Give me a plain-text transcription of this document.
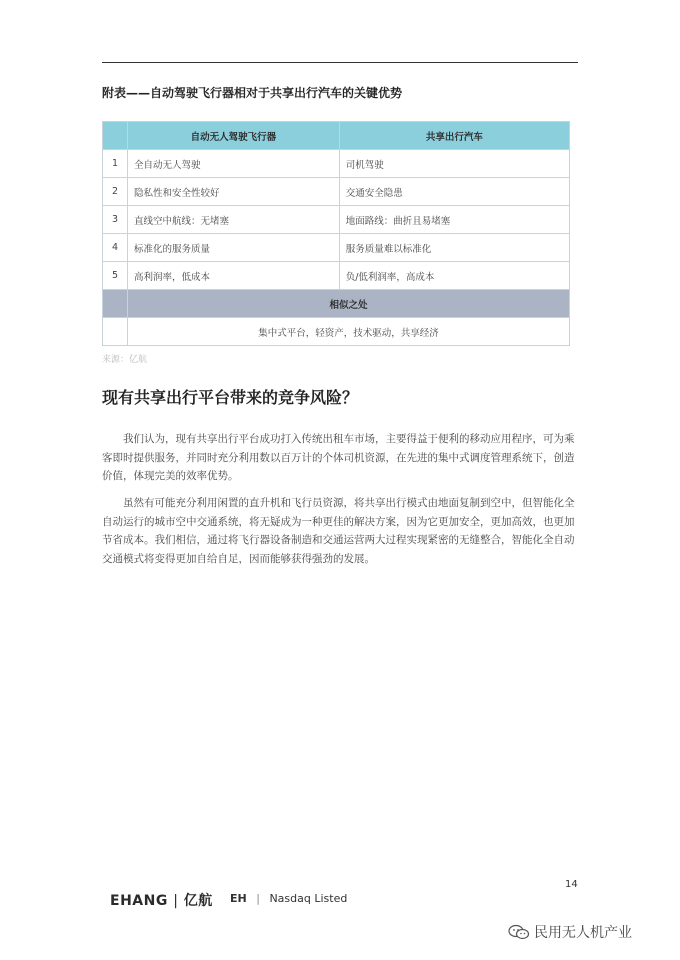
附表——自动驾驶飞行器相对于共享出行汽车的关键优势
	自动无人驾驶飞行器	共享出行汽车
1	全自动无人驾驶	司机驾驶
2	隐私性和安全性较好	交通安全隐患
3	直线空中航线：无堵塞	地面路线：曲折且易堵塞
4	标准化的服务质量	服务质量难以标准化
5	高利润率，低成本	负/低利润率，高成本
	相似之处	
	集中式平台，轻资产，技术驱动，共享经济	
来源：亿航
现有共享出行平台带来的竞争风险？

我们认为，现有共享出行平台成功打入传统出租车市场，主要得益于便利的移动应用程序，可为乘客即时提供服务，并同时充分利用数以百万计的个体司机资源，在先进的集中式调度管理系统下，创造价值，体现完美的效率优势。

虽然有可能充分利用闲置的直升机和飞行员资源，将共享出行模式由地面复制到空中，但智能化全自动运行的城市空中交通系统，将无疑成为一种更佳的解决方案，因为它更加安全，更加高效，也更加节省成本。我们相信，通过将飞行器设备制造和交通运营两大过程实现紧密的无缝整合，智能化全自动交通模式将变得更加自给自足，因而能够获得强劲的发展。

EHANG | 亿航 EH | Nasdaq Listed
14
民用无人机产业
